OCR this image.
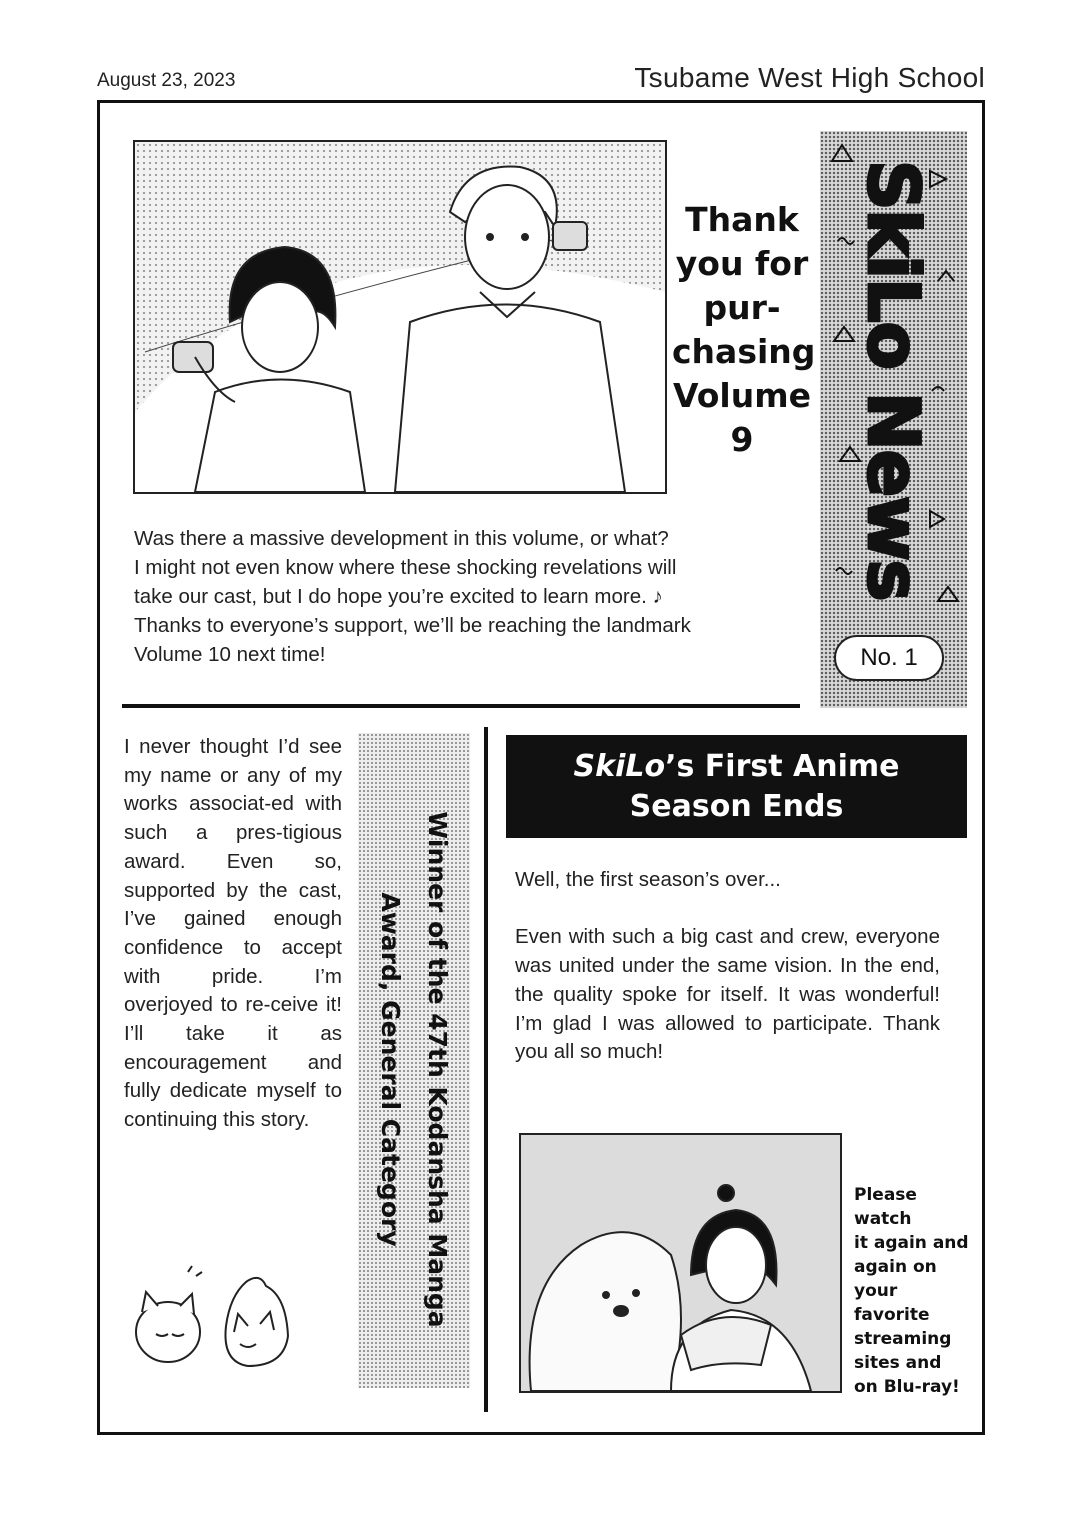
August 23, 2023	Tsubame West High School
Thank
you for
pur-
chasing
Volume
9

Was there a massive development in this volume, or what?

I might not even know where these shocking revelations will

take our cast, but I do hope you’re excited to learn more. ♪

Thanks to everyone’s support, we’ll be reaching the landmark

Volume 10 next time!

SkiLo News
No. 1
I never thought I’d see my name or any of my works associat-ed with such a pres-tigious award. Even so, supported by the cast, I’ve gained enough confidence to accept with pride. I’m overjoyed to re-ceive it! I’ll take it as encouragement and fully dedicate myself to continuing this story.	Winner of the 47th Kodansha Manga
Award, General Category
SkiLo’s First Anime
Season Ends

Well, the first season’s over...

Even with such a big cast and crew, everyone was united under the same vision. In the end, the quality spoke for itself. It was wonderful! I’m glad I was allowed to participate. Thank you all so much!

Please watch
it again and
again on your
favorite
streaming
sites and
on Blu-ray!
